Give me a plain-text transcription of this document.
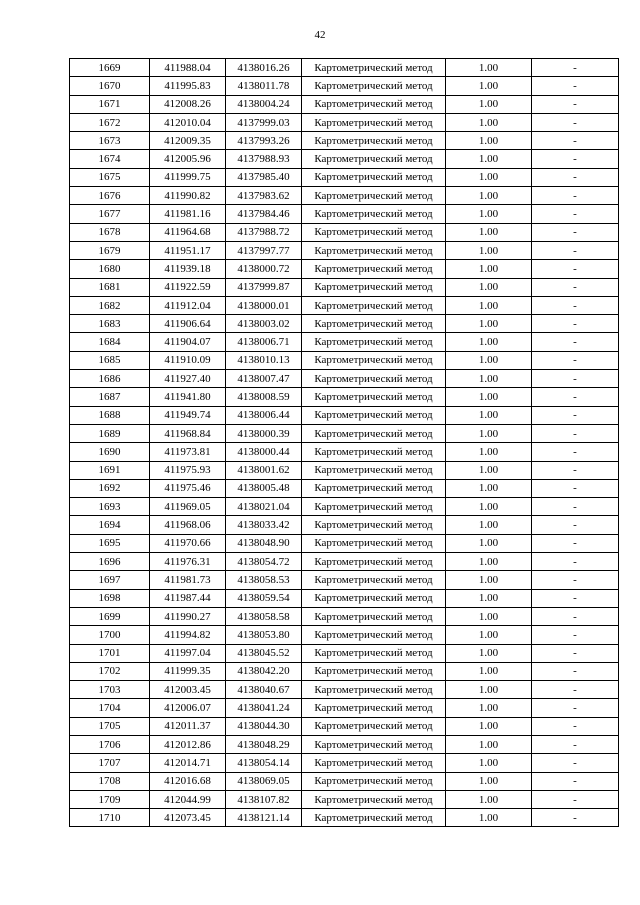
42
1669	411988.04	4138016.26	Картометрический метод	1.00	-
1670	411995.83	4138011.78	Картометрический метод	1.00	-
1671	412008.26	4138004.24	Картометрический метод	1.00	-
1672	412010.04	4137999.03	Картометрический метод	1.00	-
1673	412009.35	4137993.26	Картометрический метод	1.00	-
1674	412005.96	4137988.93	Картометрический метод	1.00	-
1675	411999.75	4137985.40	Картометрический метод	1.00	-
1676	411990.82	4137983.62	Картометрический метод	1.00	-
1677	411981.16	4137984.46	Картометрический метод	1.00	-
1678	411964.68	4137988.72	Картометрический метод	1.00	-
1679	411951.17	4137997.77	Картометрический метод	1.00	-
1680	411939.18	4138000.72	Картометрический метод	1.00	-
1681	411922.59	4137999.87	Картометрический метод	1.00	-
1682	411912.04	4138000.01	Картометрический метод	1.00	-
1683	411906.64	4138003.02	Картометрический метод	1.00	-
1684	411904.07	4138006.71	Картометрический метод	1.00	-
1685	411910.09	4138010.13	Картометрический метод	1.00	-
1686	411927.40	4138007.47	Картометрический метод	1.00	-
1687	411941.80	4138008.59	Картометрический метод	1.00	-
1688	411949.74	4138006.44	Картометрический метод	1.00	-
1689	411968.84	4138000.39	Картометрический метод	1.00	-
1690	411973.81	4138000.44	Картометрический метод	1.00	-
1691	411975.93	4138001.62	Картометрический метод	1.00	-
1692	411975.46	4138005.48	Картометрический метод	1.00	-
1693	411969.05	4138021.04	Картометрический метод	1.00	-
1694	411968.06	4138033.42	Картометрический метод	1.00	-
1695	411970.66	4138048.90	Картометрический метод	1.00	-
1696	411976.31	4138054.72	Картометрический метод	1.00	-
1697	411981.73	4138058.53	Картометрический метод	1.00	-
1698	411987.44	4138059.54	Картометрический метод	1.00	-
1699	411990.27	4138058.58	Картометрический метод	1.00	-
1700	411994.82	4138053.80	Картометрический метод	1.00	-
1701	411997.04	4138045.52	Картометрический метод	1.00	-
1702	411999.35	4138042.20	Картометрический метод	1.00	-
1703	412003.45	4138040.67	Картометрический метод	1.00	-
1704	412006.07	4138041.24	Картометрический метод	1.00	-
1705	412011.37	4138044.30	Картометрический метод	1.00	-
1706	412012.86	4138048.29	Картометрический метод	1.00	-
1707	412014.71	4138054.14	Картометрический метод	1.00	-
1708	412016.68	4138069.05	Картометрический метод	1.00	-
1709	412044.99	4138107.82	Картометрический метод	1.00	-
1710	412073.45	4138121.14	Картометрический метод	1.00	-
